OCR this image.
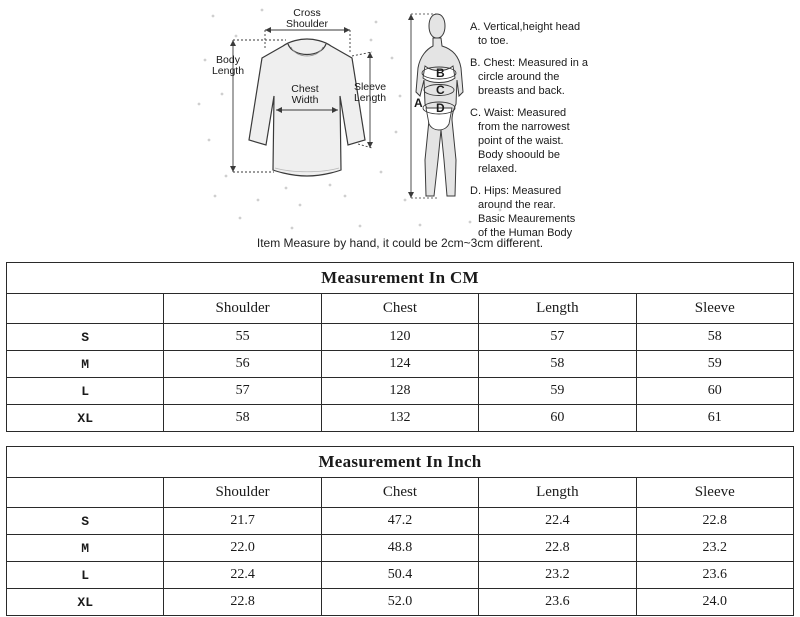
Cross
Shoulder
Body
Length
Chest
Width
Sleeve
Length A
B
C
D
A. Vertical,height head
to toe.
B. Chest: Measured in a
circle around the
breasts and back.
C. Waist: Measured
from the narrowest
point of the waist.
Body shoould be
relaxed.
D. Hips: Measured
around the rear.
Basic Meaurements
of the Human Body
Item Measure by hand, it could be 2cm~3cm different.
Measurement In CM				
	Shoulder	Chest	Length	Sleeve
S	55	120	57	58
M	56	124	58	59
L	57	128	59	60
XL	58	132	60	61
Measurement In Inch				
	Shoulder	Chest	Length	Sleeve
S	21.7	47.2	22.4	22.8
M	22.0	48.8	22.8	23.2
L	22.4	50.4	23.2	23.6
XL	22.8	52.0	23.6	24.0
